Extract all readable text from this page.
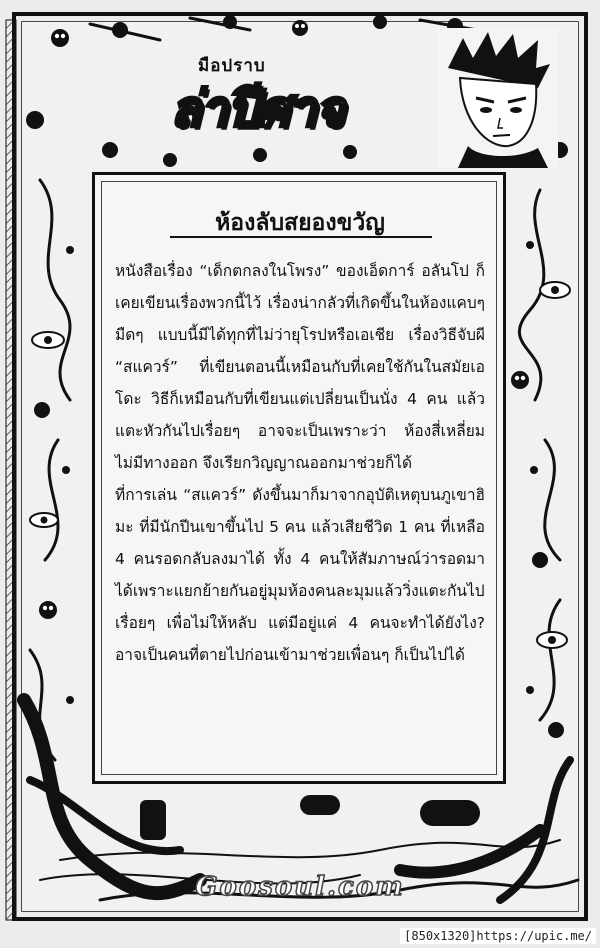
มือปราบ
ล่าปีศาจ
ห้องลับสยองขวัญ

หนังสือเรื่อง “เด็กตกลงในโพรง” ของเอ็ดการ์ อลันโป ก็เคยเขียนเรื่องพวกนี้ไว้ เรื่องน่ากลัวที่เกิดขึ้นในห้องแคบๆ มืดๆ แบบนี้มีได้ทุกที่ไม่ว่ายุโรปหรือเอเชีย เรื่องวิธีจับผี “สแควร์” ที่เขียนตอนนี้เหมือนกับที่เคยใช้กันในสมัยเอโดะ วิธีก็เหมือนกับที่เขียนแต่เปลี่ยนเป็นนั่ง 4 คน แล้วแตะหัวกันไปเรื่อยๆ อาจจะเป็นเพราะว่า ห้องสี่เหลี่ยมไม่มีทางออก จึงเรียกวิญญาณออกมาช่วยก็ได้

ที่การเล่น “สแควร์” ดังขึ้นมาก็มาจากอุบัติเหตุบนภูเขาฮิมะ ที่มีนักปีนเขาขึ้นไป 5 คน แล้วเสียชีวิต 1 คน ที่เหลือ 4 คนรอดกลับลงมาได้ ทั้ง 4 คนให้สัมภาษณ์ว่ารอดมาได้เพราะแยกย้ายกันอยู่มุมห้องคนละมุมแล้ววิ่งแตะกันไปเรื่อยๆ เพื่อไม่ให้หลับ แต่มีอยู่แค่ 4 คนจะทำได้ยังไง? อาจเป็นคนที่ตายไปก่อนเข้ามาช่วยเพื่อนๆ ก็เป็นไปได้

Goosoul.com
[850x1320]https://upic.me/
